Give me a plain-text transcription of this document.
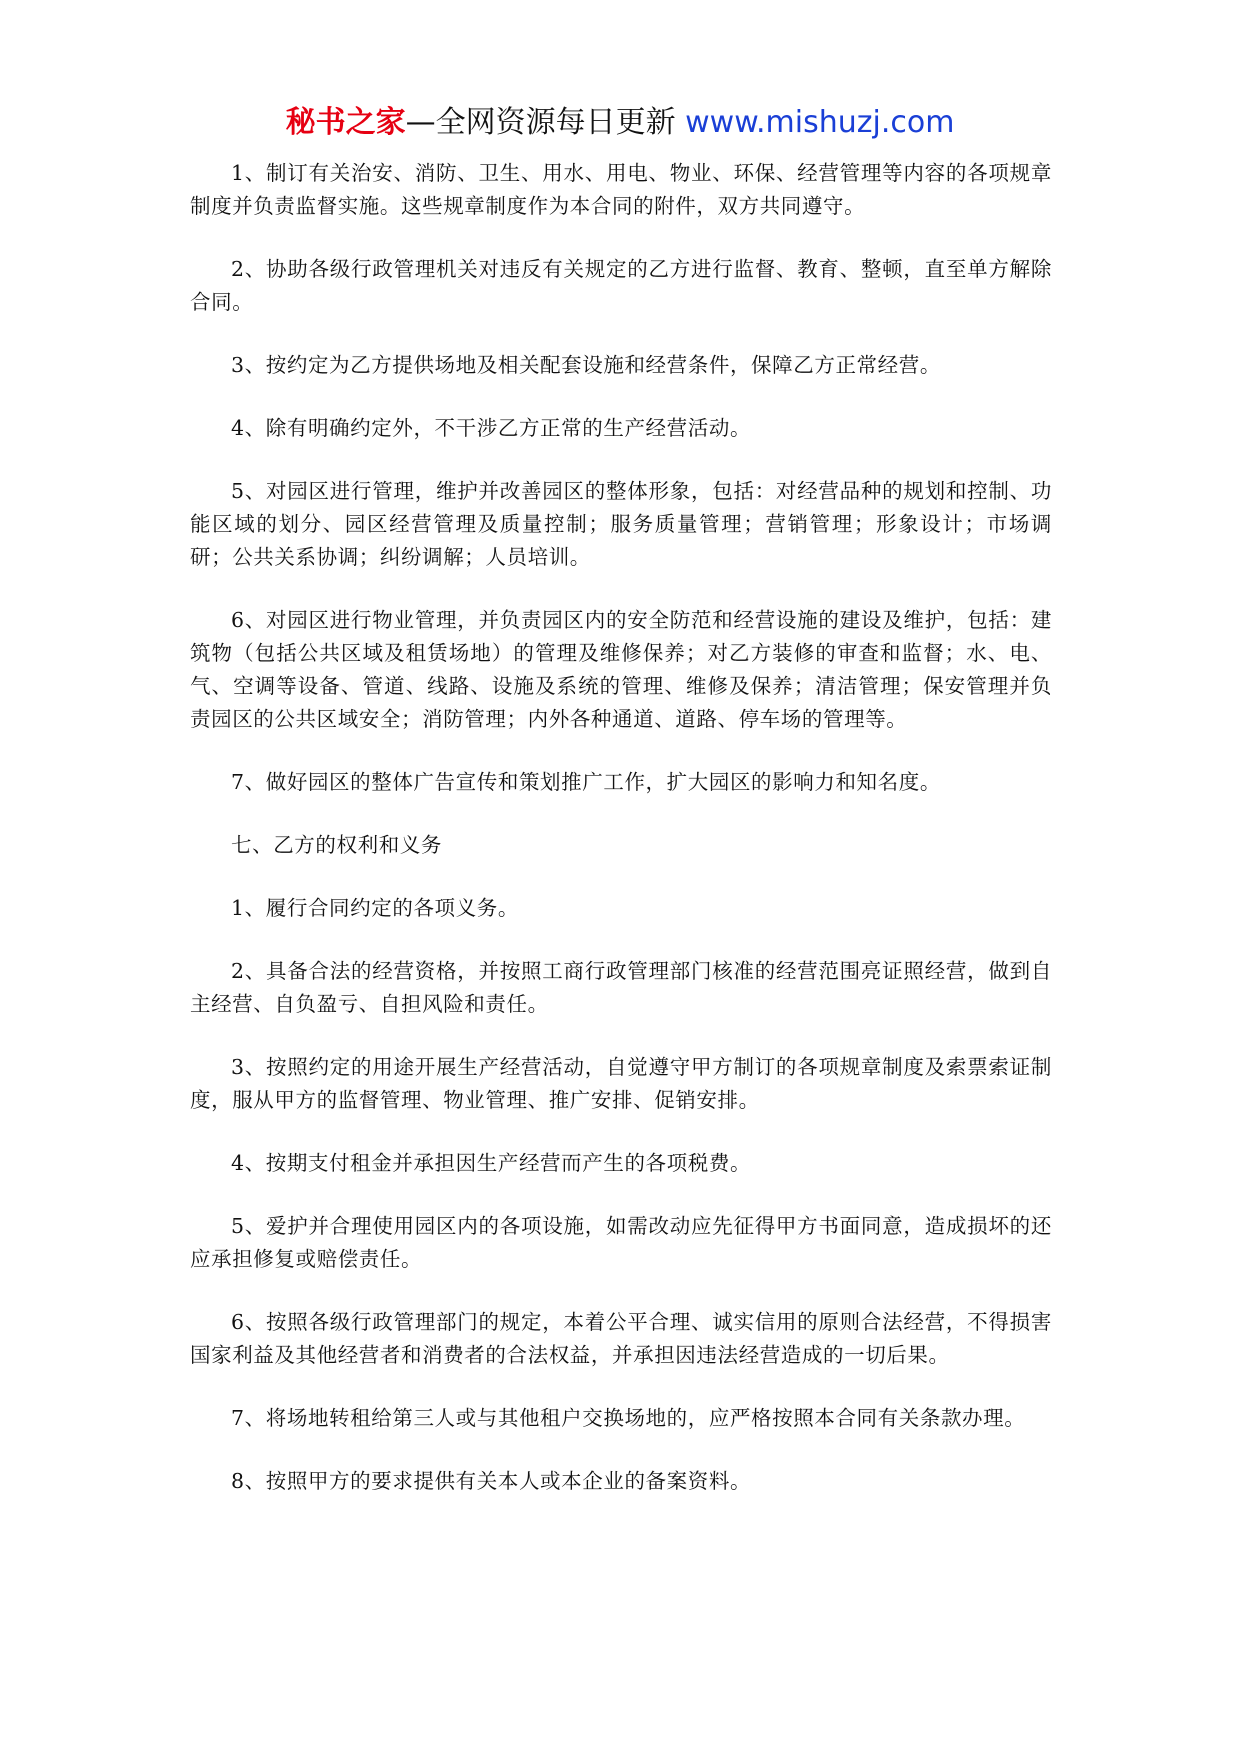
秘书之家—全网资源每日更新 www.mishuzj.com

1、制订有关治安、消防、卫生、用水、用电、物业、环保、经营管理等内容的各项规章制度并负责监督实施。这些规章制度作为本合同的附件，双方共同遵守。

2、协助各级行政管理机关对违反有关规定的乙方进行监督、教育、整顿，直至单方解除合同。

3、按约定为乙方提供场地及相关配套设施和经营条件，保障乙方正常经营。

4、除有明确约定外，不干涉乙方正常的生产经营活动。

5、对园区进行管理，维护并改善园区的整体形象，包括：对经营品种的规划和控制、功能区域的划分、园区经营管理及质量控制；服务质量管理；营销管理；形象设计；市场调研；公共关系协调；纠纷调解；人员培训。

6、对园区进行物业管理，并负责园区内的安全防范和经营设施的建设及维护，包括：建筑物（包括公共区域及租赁场地）的管理及维修保养；对乙方装修的审查和监督；水、电、气、空调等设备、管道、线路、设施及系统的管理、维修及保养；清洁管理；保安管理并负责园区的公共区域安全；消防管理；内外各种通道、道路、停车场的管理等。

7、做好园区的整体广告宣传和策划推广工作，扩大园区的影响力和知名度。

七、乙方的权利和义务

1、履行合同约定的各项义务。

2、具备合法的经营资格，并按照工商行政管理部门核准的经营范围亮证照经营，做到自主经营、自负盈亏、自担风险和责任。

3、按照约定的用途开展生产经营活动，自觉遵守甲方制订的各项规章制度及索票索证制度，服从甲方的监督管理、物业管理、推广安排、促销安排。

4、按期支付租金并承担因生产经营而产生的各项税费。

5、爱护并合理使用园区内的各项设施，如需改动应先征得甲方书面同意，造成损坏的还应承担修复或赔偿责任。

6、按照各级行政管理部门的规定，本着公平合理、诚实信用的原则合法经营，不得损害国家利益及其他经营者和消费者的合法权益，并承担因违法经营造成的一切后果。

7、将场地转租给第三人或与其他租户交换场地的，应严格按照本合同有关条款办理。

8、按照甲方的要求提供有关本人或本企业的备案资料。
